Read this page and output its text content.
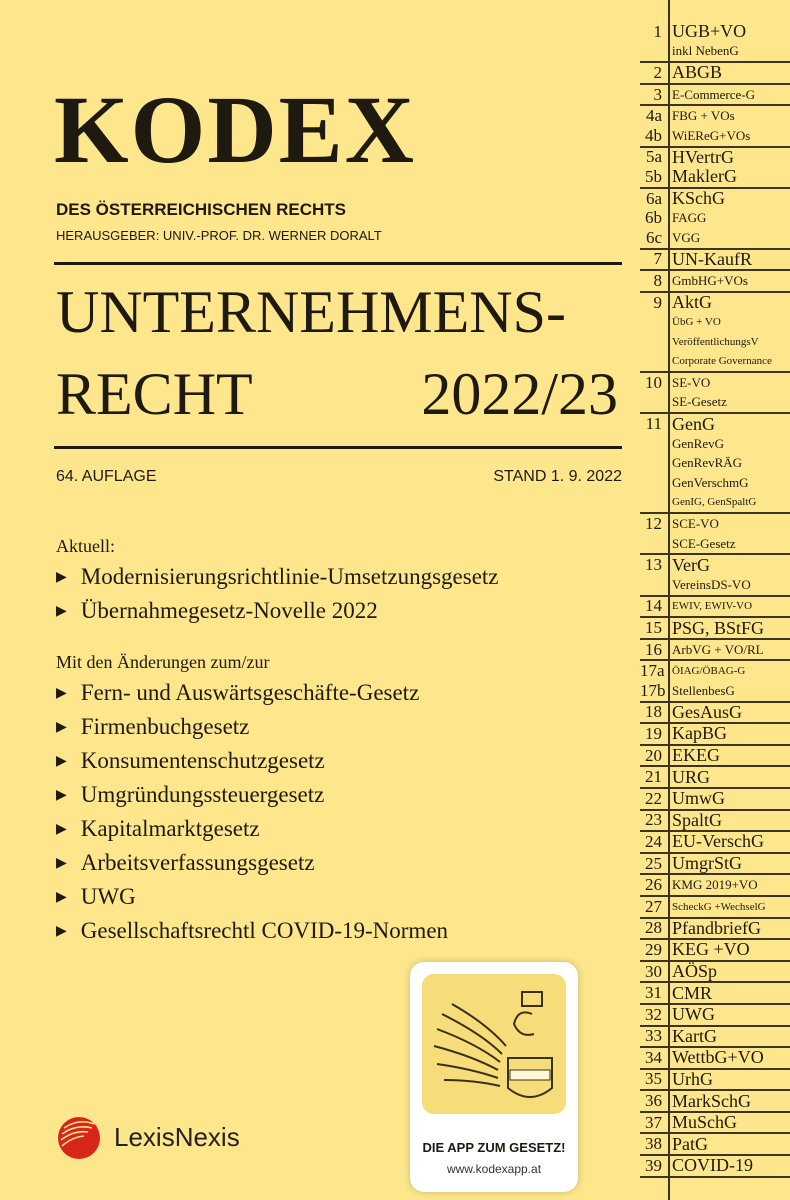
KODEX
DES ÖSTERREICHISCHEN RECHTS
HERAUSGEBER: UNIV.-PROF. DR. WERNER DORALT
UNTERNEHMENS-
RECHT	2022/23
64. AUFLAGE	STAND 1. 9. 2022
Aktuell:
▶ Modernisierungsrichtlinie-Umsetzungsgesetz
▶ Übernahmegesetz-Novelle 2022
Mit den Änderungen zum/zur
▶ Fern- und Auswärtsgeschäfte-Gesetz
▶ Firmenbuchgesetz
▶ Konsumentenschutzgesetz
▶ Umgründungssteuergesetz
▶ Kapitalmarktgesetz
▶ Arbeitsverfassungsgesetz
▶ UWG
▶ Gesellschaftsrechtl COVID-19-Normen
1 UGB+VO
inkl NebenG
2 ABGB
3 E-Commerce-G
4a FBG + VOs
4b WiEReG+VOs
5a HVertrG
5b MaklerG
6a KSchG
6b FAGG
6c VGG
7 UN-KaufR
8 GmbHG+VOs
9 AktG
ÜbG + VO
VeröffentlichungsV
Corporate Governance
10 SE-VO
SE-Gesetz
11 GenG
GenRevG
GenRevRÄG
GenVerschmG
GenIG, GenSpaltG
12 SCE-VO
SCE-Gesetz
13 VerG
VereinsDS-VO
14 EWIV, EWIV-VO
15 PSG, BStFG
16 ArbVG + VO/RL
17a ÖIAG/ÖBAG-G
17b StellenbesG
18 GesAusG
19 KapBG
20 EKEG
21 URG
22 UmwG
23 SpaltG
24 EU-VerschG
25 UmgrStG
26 KMG 2019+VO
27 ScheckG +WechselG
28 PfandbriefG
29 KEG +VO
30 AÖSp
31 CMR
32 UWG
33 KartG
34 WettbG+VO
35 UrhG
36 MarkSchG
37 MuSchG
38 PatG
39 COVID-19
DIE APP ZUM GESETZ!
www.kodexapp.at
LexisNexis
